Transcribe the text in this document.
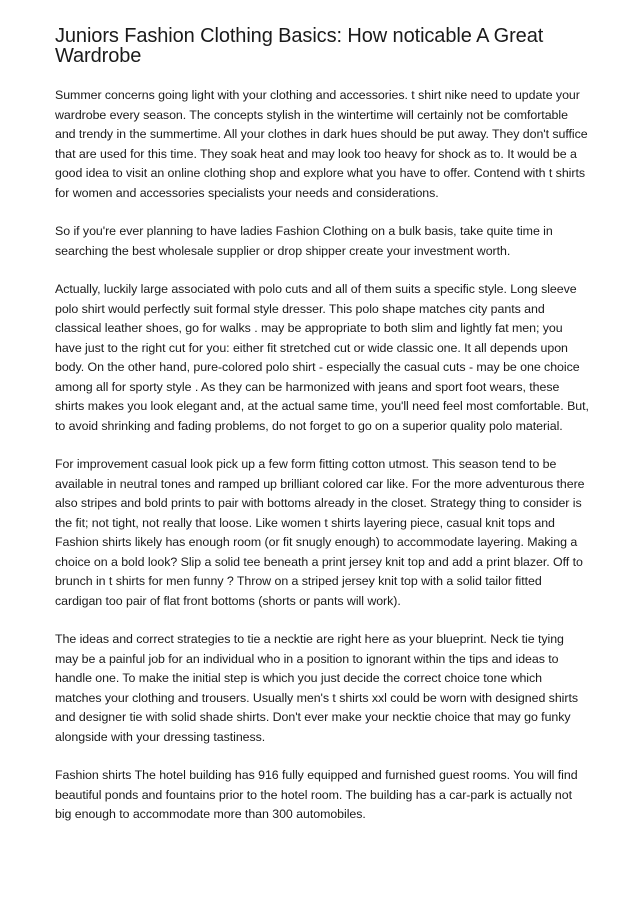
Juniors Fashion Clothing Basics: How noticable A Great Wardrobe

Summer concerns going light with your clothing and accessories. t shirt nike need to update your wardrobe every season. The concepts stylish in the wintertime will certainly not be comfortable and trendy in the summertime. All your clothes in dark hues should be put away. They don't suffice that are used for this time. They soak heat and may look too heavy for shock as to. It would be a good idea to visit an online clothing shop and explore what you have to offer. Contend with t shirts for women and accessories specialists your needs and considerations.

So if you're ever planning to have ladies Fashion Clothing on a bulk basis, take quite time in searching the best wholesale supplier or drop shipper create your investment worth.

Actually, luckily large associated with polo cuts and all of them suits a specific style. Long sleeve polo shirt would perfectly suit formal style dresser. This polo shape matches city pants and classical leather shoes, go for walks . may be appropriate to both slim and lightly fat men; you have just to the right cut for you: either fit stretched cut or wide classic one. It all depends upon body. On the other hand, pure-colored polo shirt - especially the casual cuts - may be one choice among all for sporty style . As they can be harmonized with jeans and sport foot wears, these shirts makes you look elegant and, at the actual same time, you'll need feel most comfortable. But, to avoid shrinking and fading problems, do not forget to go on a superior quality polo material.

For improvement casual look pick up a few form fitting cotton utmost. This season tend to be available in neutral tones and ramped up brilliant colored car like. For the more adventurous there also stripes and bold prints to pair with bottoms already in the closet. Strategy thing to consider is the fit; not tight, not really that loose. Like women t shirts layering piece, casual knit tops and Fashion shirts likely has enough room (or fit snugly enough) to accommodate layering. Making a choice on a bold look? Slip a solid tee beneath a print jersey knit top and add a print blazer. Off to brunch in t shirts for men funny ? Throw on a striped jersey knit top with a solid tailor fitted cardigan too pair of flat front bottoms (shorts or pants will work).

The ideas and correct strategies to tie a necktie are right here as your blueprint. Neck tie tying may be a painful job for an individual who in a position to ignorant within the tips and ideas to handle one. To make the initial step is which you just decide the correct choice tone which matches your clothing and trousers. Usually men's t shirts xxl could be worn with designed shirts and designer tie with solid shade shirts. Don't ever make your necktie choice that may go funky alongside with your dressing tastiness.

Fashion shirts The hotel building has 916 fully equipped and furnished guest rooms. You will find beautiful ponds and fountains prior to the hotel room. The building has a car-park is actually not big enough to accommodate more than 300 automobiles.
